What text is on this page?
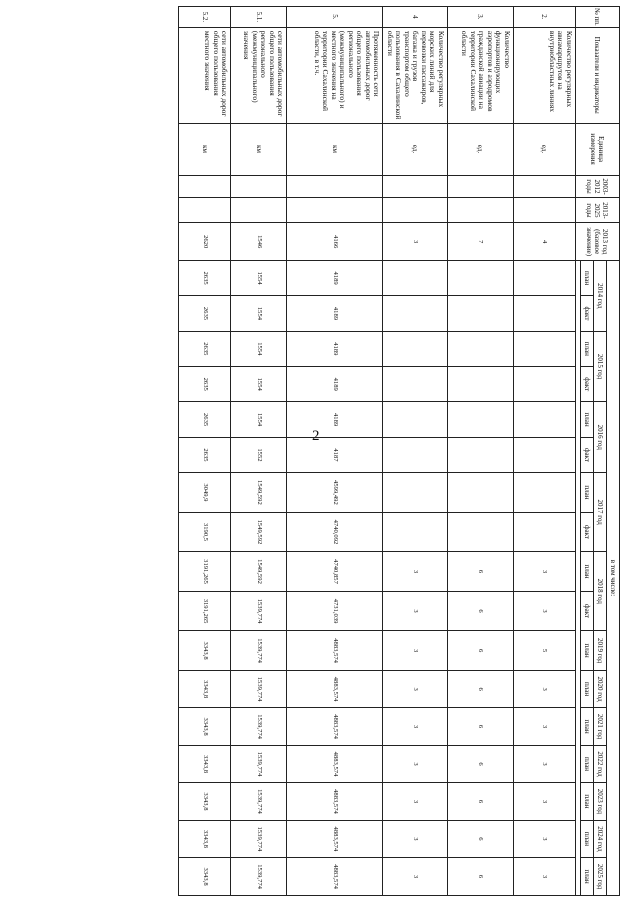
2
№ пп.	Показатели и индикаторы	Единица измерения	2003-2012 годы	2013-2025 годы	2013 год (базовое значение)	в том числе:																
						2014 год		2015 год		2016 год		2017 год		2018 год		2019 год	2020 год	2021 год	2022 год	2023 год	2024 год	2025 год
						план	факт	план	факт	план	факт	план	факт	план	факт	план	план	план	план	план	план	план

2.	Количество регулярных авиамаршрутов на внутриобластных линиях	ед.			4									3	3	5	3	3	3	3	3	3
3.	Количество функционирующих аэропортов и аэродромов гражданской авиации на территории Сахалинской области	ед.			7									6	6	6	6	6	6	6	6	6
4	Количество регулярных морских линий для перевозки пассажиров, багажа и грузов транспортом общего пользования в Сахалинской области	ед.			3									3	3	3	3	3	3	3	3	3
5.	Протяженность сети автомобильных дорог общего пользования регионального (межмуниципального) и местного значения на территории Сахалинской области, в т.ч.	км			4166	4189	4189	4189	4189	4189	4187	4599,492	4740,092	4740,857	4731,039	4883,574	4883,574	4883,574	4883,574	4883,574	4883,574	4883,574
5.1.	сети автомобильных дорог общего пользования регионального (межмуниципального) значения	км			1546	1554	1554	1554	1554	1554	1552	1549,592	1549,592	1549,592	1539,774	1539,774	1539,774	1539,774	1539,774	1539,774	1539,774	1539,774
5.2.	сети автомобильных дорог общего пользования местного значения	км			2620	2635	2635	2635	2635	2635	2635	3049,9	3190,5	3191,265	3191,265	3343,8	3343,8	3343,8	3343,8	3343,8	3343,8	3343,8
